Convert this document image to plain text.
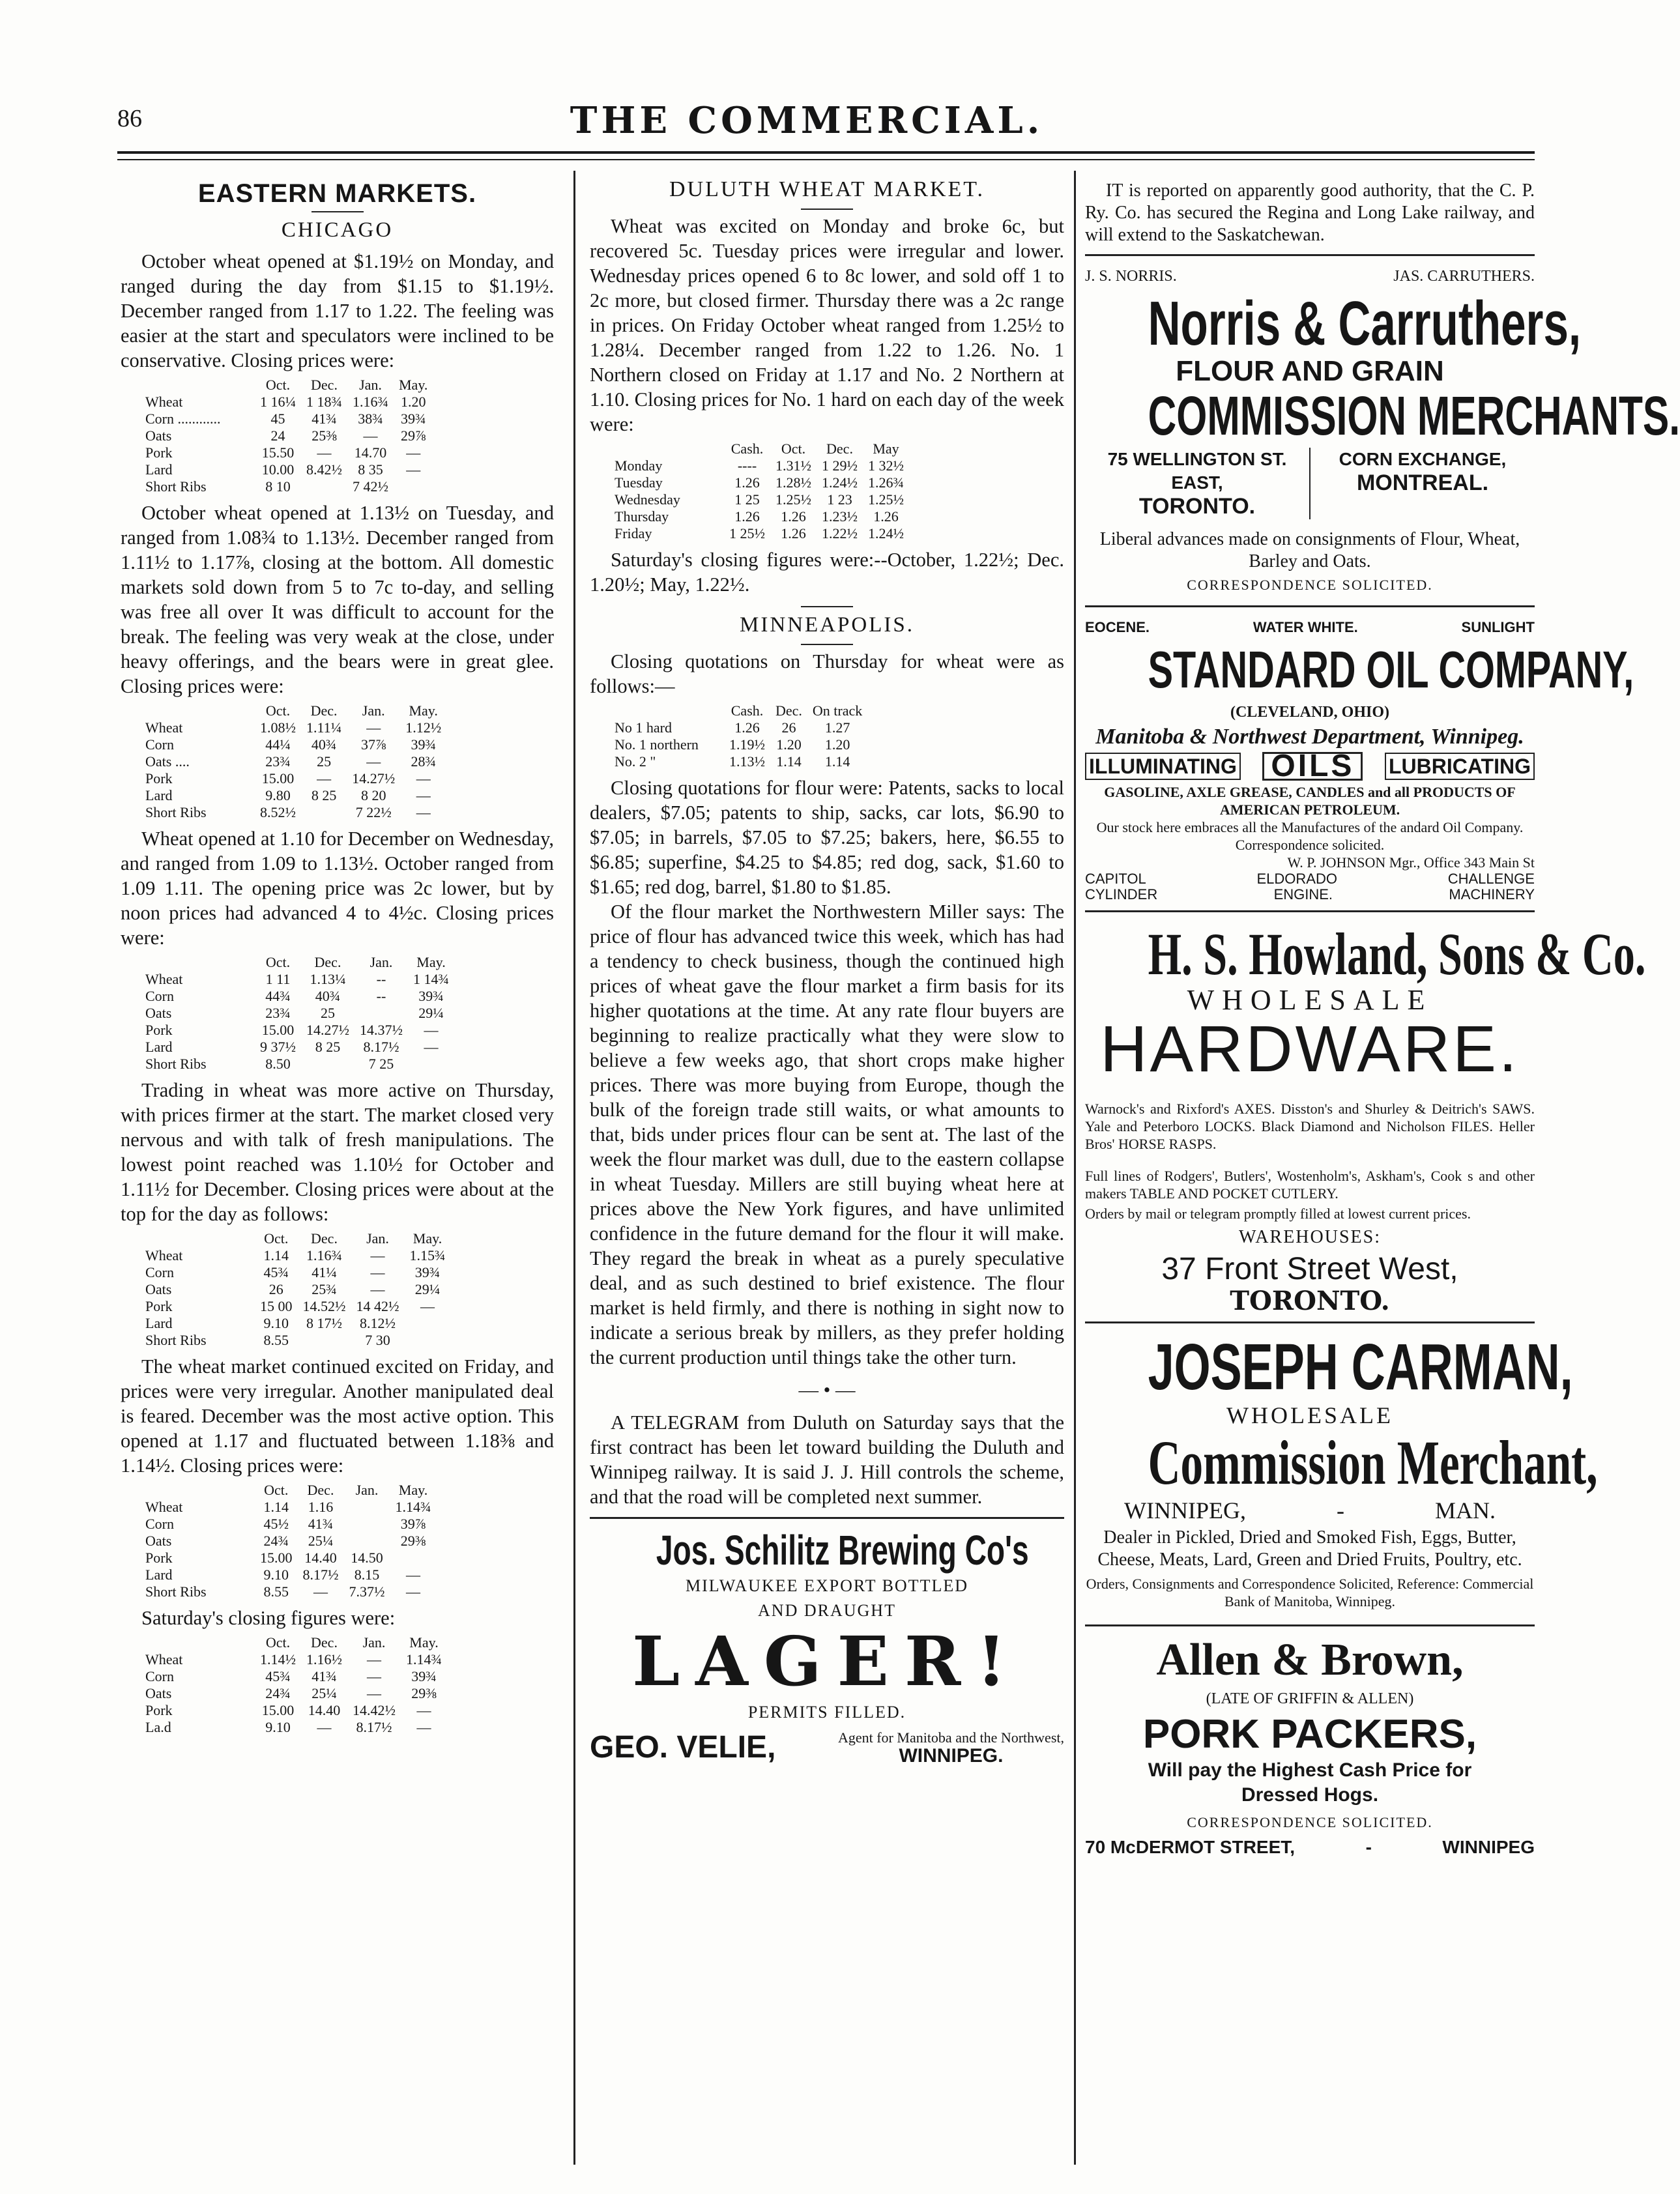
86	THE COMMERCIAL.
EASTERN MARKETS.
CHICAGO

October wheat opened at $1.19½ on Monday, and ranged during the day from $1.15 to $1.19½. December ranged from 1.17 to 1.22. The feeling was easier at the start and speculators were inclined to be conservative. Closing prices were:

	Oct.	Dec.	Jan.	May.
Wheat	1 16¼	1 18¾	1.16¾	1.20
Corn ............	45	41¾	38¾	39¾
Oats	24	25⅜	—	29⅞
Pork	15.50	—	14.70	—
Lard	10.00	8.42½	8 35	—
Short Ribs	8 10		7 42½	

October wheat opened at 1.13½ on Tuesday, and ranged from 1.08¾ to 1.13½. December ranged from 1.11½ to 1.17⅞, closing at the bottom. All domestic markets sold down from 5 to 7c to-day, and selling was free all over It was difficult to account for the break. The feeling was very weak at the close, under heavy offerings, and the bears were in great glee. Closing prices were:

	Oct.	Dec.	Jan.	May.
Wheat	1.08½	1.11¼	—	1.12½
Corn	44¼	40¾	37⅞	39¾
Oats ....	23¾	25	—	28¾
Pork	15.00	—	14.27½	—
Lard	9.80	8 25	8 20	—
Short Ribs	8.52½		7 22½	—

Wheat opened at 1.10 for December on Wednesday, and ranged from 1.09 to 1.13½. October ranged from 1.09 1.11. The opening price was 2c lower, but by noon prices had advanced 4 to 4½c. Closing prices were:

	Oct.	Dec.	Jan.	May.
Wheat	1 11	1.13¼	--	1 14¾
Corn	44¾	40¾	--	39¾
Oats	23¾	25		29¼
Pork	15.00	14.27½	14.37½	—
Lard	9 37½	8 25	8.17½	—
Short Ribs	8.50		7 25	

Trading in wheat was more active on Thursday, with prices firmer at the start. The market closed very nervous and with talk of fresh manipulations. The lowest point reached was 1.10½ for October and 1.11½ for December. Closing prices were about at the top for the day as follows:

	Oct.	Dec.	Jan.	May.
Wheat	1.14	1.16¾	—	1.15¾
Corn	45¾	41¼	—	39¾
Oats	26	25¾	—	29¼
Pork	15 00	14.52½	14 42½	—
Lard	9.10	8 17½	8.12½	
Short Ribs	8.55		7 30	

The wheat market continued excited on Friday, and prices were very irregular. Another manipulated deal is feared. December was the most active option. This opened at 1.17 and fluctuated between 1.18⅜ and 1.14½. Closing prices were:

	Oct.	Dec.	Jan.	May.
Wheat	1.14	1.16		1.14¾
Corn	45½	41¾		39⅞
Oats	24¾	25¼		29⅜
Pork	15.00	14.40	14.50	
Lard	9.10	8.17½	8.15	—
Short Ribs	8.55	—	7.37½	—

Saturday's closing figures were:

	Oct.	Dec.	Jan.	May.
Wheat	1.14½	1.16½	—	1.14¾
Corn	45¾	41¾	—	39¾
Oats	24¾	25¼	—	29⅜
Pork	15.00	14.40	14.42½	—
La.d	9.10	—	8.17½	—
DULUTH WHEAT MARKET.

Wheat was excited on Monday and broke 6c, but recovered 5c. Tuesday prices were irregular and lower. Wednesday prices opened 6 to 8c lower, and sold off 1 to 2c more, but closed firmer. Thursday there was a 2c range in prices. On Friday October wheat ranged from 1.25½ to 1.28¼. December ranged from 1.22 to 1.26. No. 1 Northern closed on Friday at 1.17 and No. 2 Northern at 1.10. Closing prices for No. 1 hard on each day of the week were:

	Cash.	Oct.	Dec.	May
Monday	----	1.31½	1 29½	1 32½
Tuesday	1.26	1.28½	1.24½	1.26¾
Wednesday	1 25	1.25½	1 23	1.25½
Thursday	1.26	1.26	1.23½	1.26
Friday	1 25½	1.26	1.22½	1.24½

Saturday's closing figures were:--October, 1.22½; Dec. 1.20½; May, 1.22½.

MINNEAPOLIS.

Closing quotations on Thursday for wheat were as follows:—

	Cash.	Dec.	On track
No 1 hard	1.26	26	1.27
No. 1 northern	1.19½	1.20	1.20
No. 2 "	1.13½	1.14	1.14

Closing quotations for flour were: Patents, sacks to local dealers, $7.05; patents to ship, sacks, car lots, $6.90 to $7.05; in barrels, $7.05 to $7.25; bakers, here, $6.55 to $6.85; superfine, $4.25 to $4.85; red dog, sack, $1.60 to $1.65; red dog, barrel, $1.80 to $1.85.

Of the flour market the Northwestern Miller says: The price of flour has advanced twice this week, which has had a tendency to check business, though the continued high prices of wheat gave the flour market a firm basis for its higher quotations at the time. At any rate flour buyers are beginning to realize practically what they were slow to believe a few weeks ago, that short crops make higher prices. There was more buying from Europe, though the bulk of the foreign trade still waits, or what amounts to that, bids under prices flour can be sent at. The last of the week the flour market was dull, due to the eastern collapse in wheat Tuesday. Millers are still buying wheat here at prices above the New York figures, and have unlimited confidence in the future demand for the flour it will make. They regard the break in wheat as a purely speculative deal, and as such destined to brief existence. The flour market is held firmly, and there is nothing in sight now to indicate a serious break by millers, as they prefer holding the current production until things take the other turn.

— • —

A TELEGRAM from Duluth on Saturday says that the first contract has been let toward building the Duluth and Winnipeg railway. It is said J. J. Hill controls the scheme, and that the road will be completed next summer.

Jos. Schilitz Brewing Co's
MILWAUKEE EXPORT BOTTLED
AND DRAUGHT
LAGER!
PERMITS FILLED.
GEO. VELIE,	Agent for Manitoba and the Northwest,
WINNIPEG.

IT is reported on apparently good authority, that the C. P. Ry. Co. has secured the Regina and Long Lake railway, and will extend to the Saskatchewan.

J. S. NORRIS.	JAS. CARRUTHERS.
Norris & Carruthers,
FLOUR AND GRAIN
COMMISSION MERCHANTS.
75 WELLINGTON ST. EAST,
TORONTO.
CORN EXCHANGE,
MONTREAL.

Liberal advances made on consignments of Flour, Wheat, Barley and Oats.

CORRESPONDENCE SOLICITED.
EOCENE.	WATER WHITE.	SUNLIGHT
STANDARD OIL COMPANY,
(CLEVELAND, OHIO)
Manitoba & Northwest Department, Winnipeg.
ILLUMINATING OILS	LUBRICATING
GASOLINE, AXLE GREASE, CANDLES and all PRODUCTS OF AMERICAN PETROLEUM.
Our stock here embraces all the Manufactures of the andard Oil Company. Correspondence solicited.
W. P. JOHNSON Mgr., Office 343 Main St
CAPITOL	ELDORADO	CHALLENGE
CYLINDER	ENGINE.	MACHINERY
H. S. Howland, Sons & Co.
WHOLESALE
HARDWARE.

Warnock's and Rixford's AXES. Disston's and Shurley & Deitrich's SAWS. Yale and Peterboro LOCKS. Black Diamond and Nicholson FILES. Heller Bros' HORSE RASPS.

Full lines of Rodgers', Butlers', Wostenholm's, Askham's, Cook s and other makers TABLE AND POCKET CUTLERY.

Orders by mail or telegram promptly filled at lowest current prices.

WAREHOUSES:
37 Front Street West,
TORONTO.
JOSEPH CARMAN,
WHOLESALE
Commission Merchant,
WINNIPEG,	-	MAN.

Dealer in Pickled, Dried and Smoked Fish, Eggs, Butter, Cheese, Meats, Lard, Green and Dried Fruits, Poultry, etc.

Orders, Consignments and Correspondence Solicited, Reference: Commercial Bank of Manitoba, Winnipeg.

Allen & Brown,
(LATE OF GRIFFIN & ALLEN)
PORK PACKERS,
Will pay the Highest Cash Price for
Dressed Hogs.
CORRESPONDENCE SOLICITED.
70 McDERMOT STREET,	-	WINNIPEG
